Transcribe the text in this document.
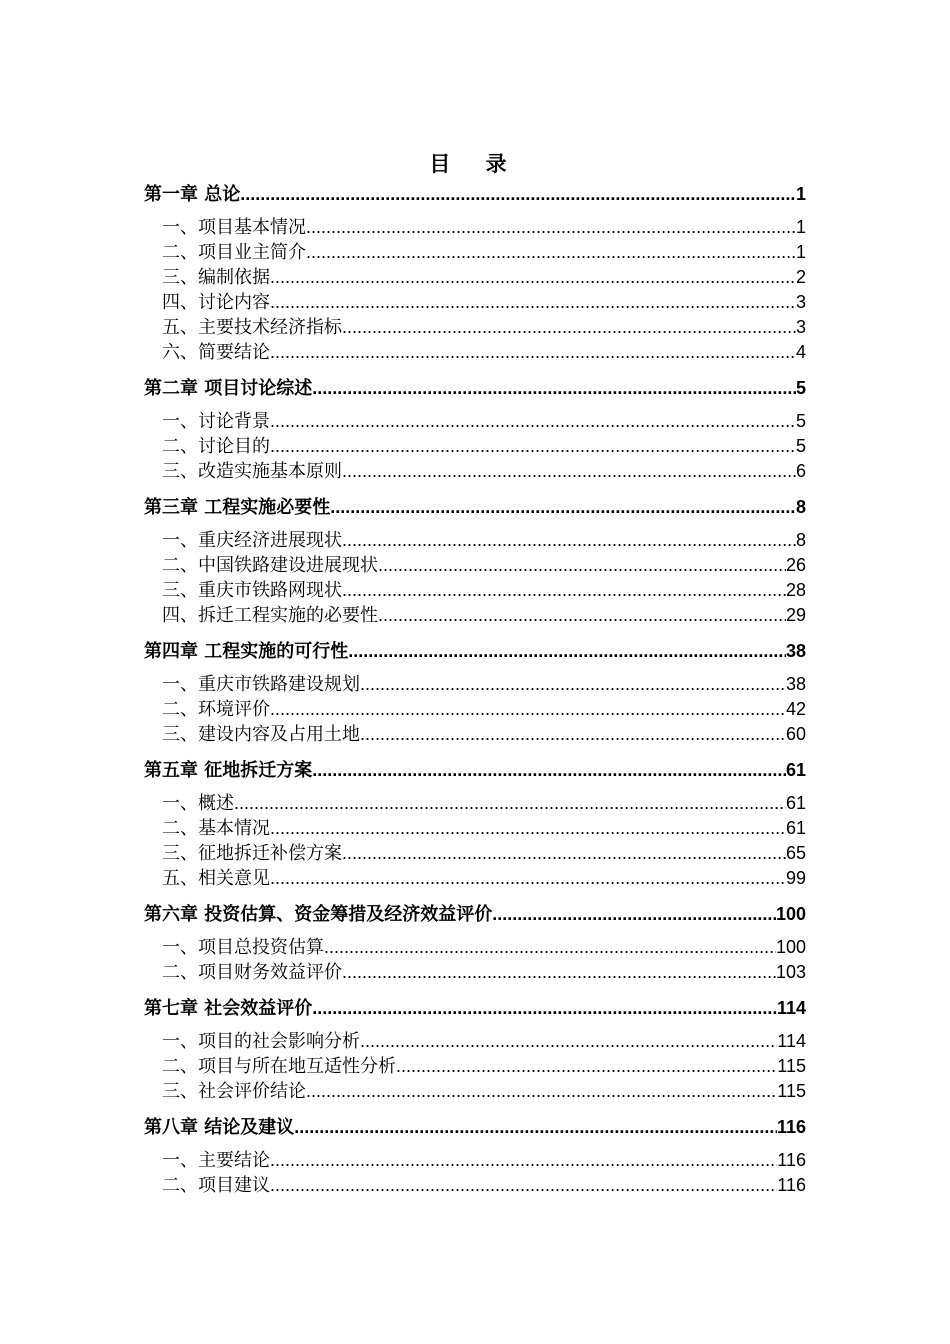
目 录
第一章 总论 .....	1
一、项目基本情况 .....	1
二、项目业主简介 .....	1
三、编制依据 .....	2
四、讨论内容 .....	3
五、主要技术经济指标 .....	3
六、简要结论 .....	4
第二章 项目讨论综述 .....	5
一、讨论背景 .....	5
二、讨论目的 .....	5
三、改造实施基本原则 .....	6
第三章 工程实施必要性 .....	8
一、重庆经济进展现状 .....	8
二、中国铁路建设进展现状 .....	26
三、重庆市铁路网现状 .....	28
四、拆迁工程实施的必要性 .....	29
第四章 工程实施的可行性 .....	38
一、重庆市铁路建设规划 .....	38
二、环境评价 .....	42
三、建设内容及占用土地 .....	60
第五章 征地拆迁方案 .....	61
一、概述 .....	61
二、基本情况 .....	61
三、征地拆迁补偿方案 .....	65
五、相关意见 .....	99
第六章 投资估算、资金筹措及经济效益评价 .....	100
一、项目总投资估算 .....	100
二、项目财务效益评价 .....	103
第七章 社会效益评价 .....	114
一、项目的社会影响分析 .....	114
二、项目与所在地互适性分析 .....	115
三、社会评价结论 .....	115
第八章 结论及建议 .....	116
一、主要结论 .....	116
二、项目建议 .....	116
